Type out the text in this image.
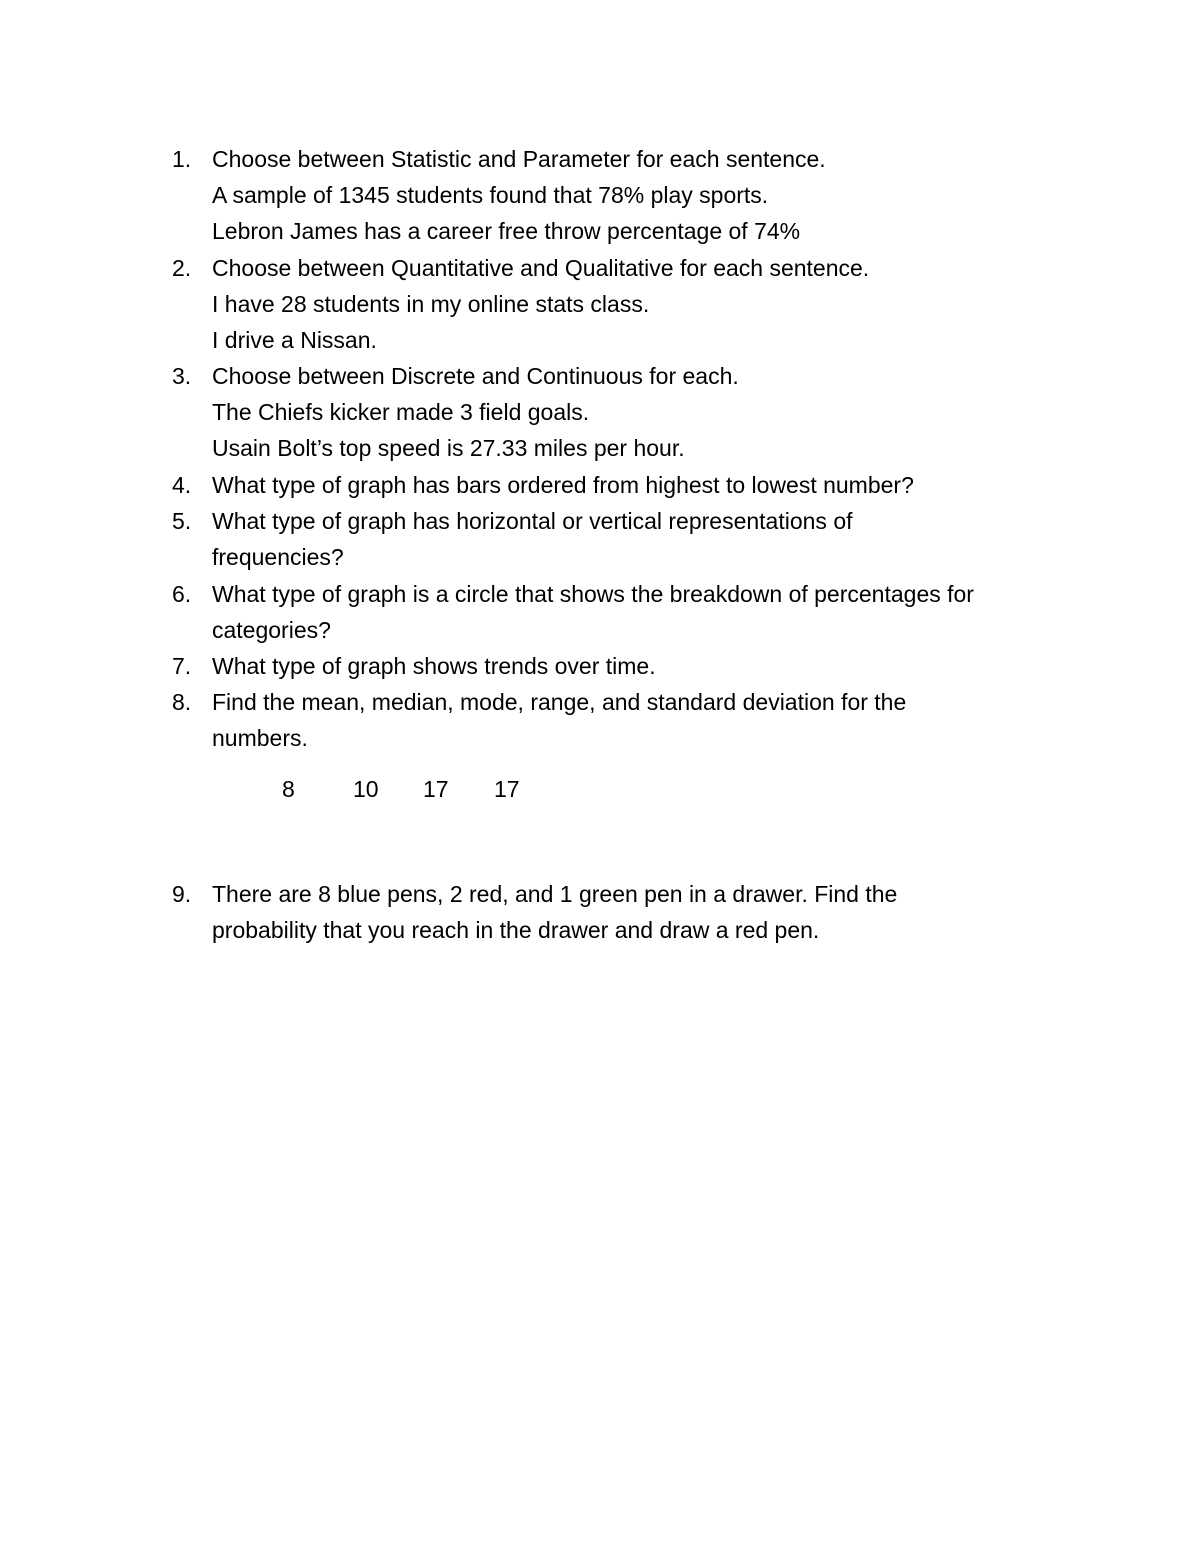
1. Choose between Statistic and Parameter for each sentence.
A sample of 1345 students found that 78% play sports.
Lebron James has a career free throw percentage of 74%
2. Choose between Quantitative and Qualitative for each sentence.
I have 28 students in my online stats class.
I drive a Nissan.
3. Choose between Discrete and Continuous for each.
The Chiefs kicker made 3 field goals.
Usain Bolt’s top speed is 27.33 miles per hour.
4. What type of graph has bars ordered from highest to lowest number?
5. What type of graph has horizontal or vertical representations of
frequencies?
6. What type of graph is a circle that shows the breakdown of percentages for
categories?
7. What type of graph shows trends over time.
8. Find the mean, median, mode, range, and standard deviation for the
numbers.
8	10 17 17
9. There are 8 blue pens, 2 red, and 1 green pen in a drawer. Find the
probability that you reach in the drawer and draw a red pen.
